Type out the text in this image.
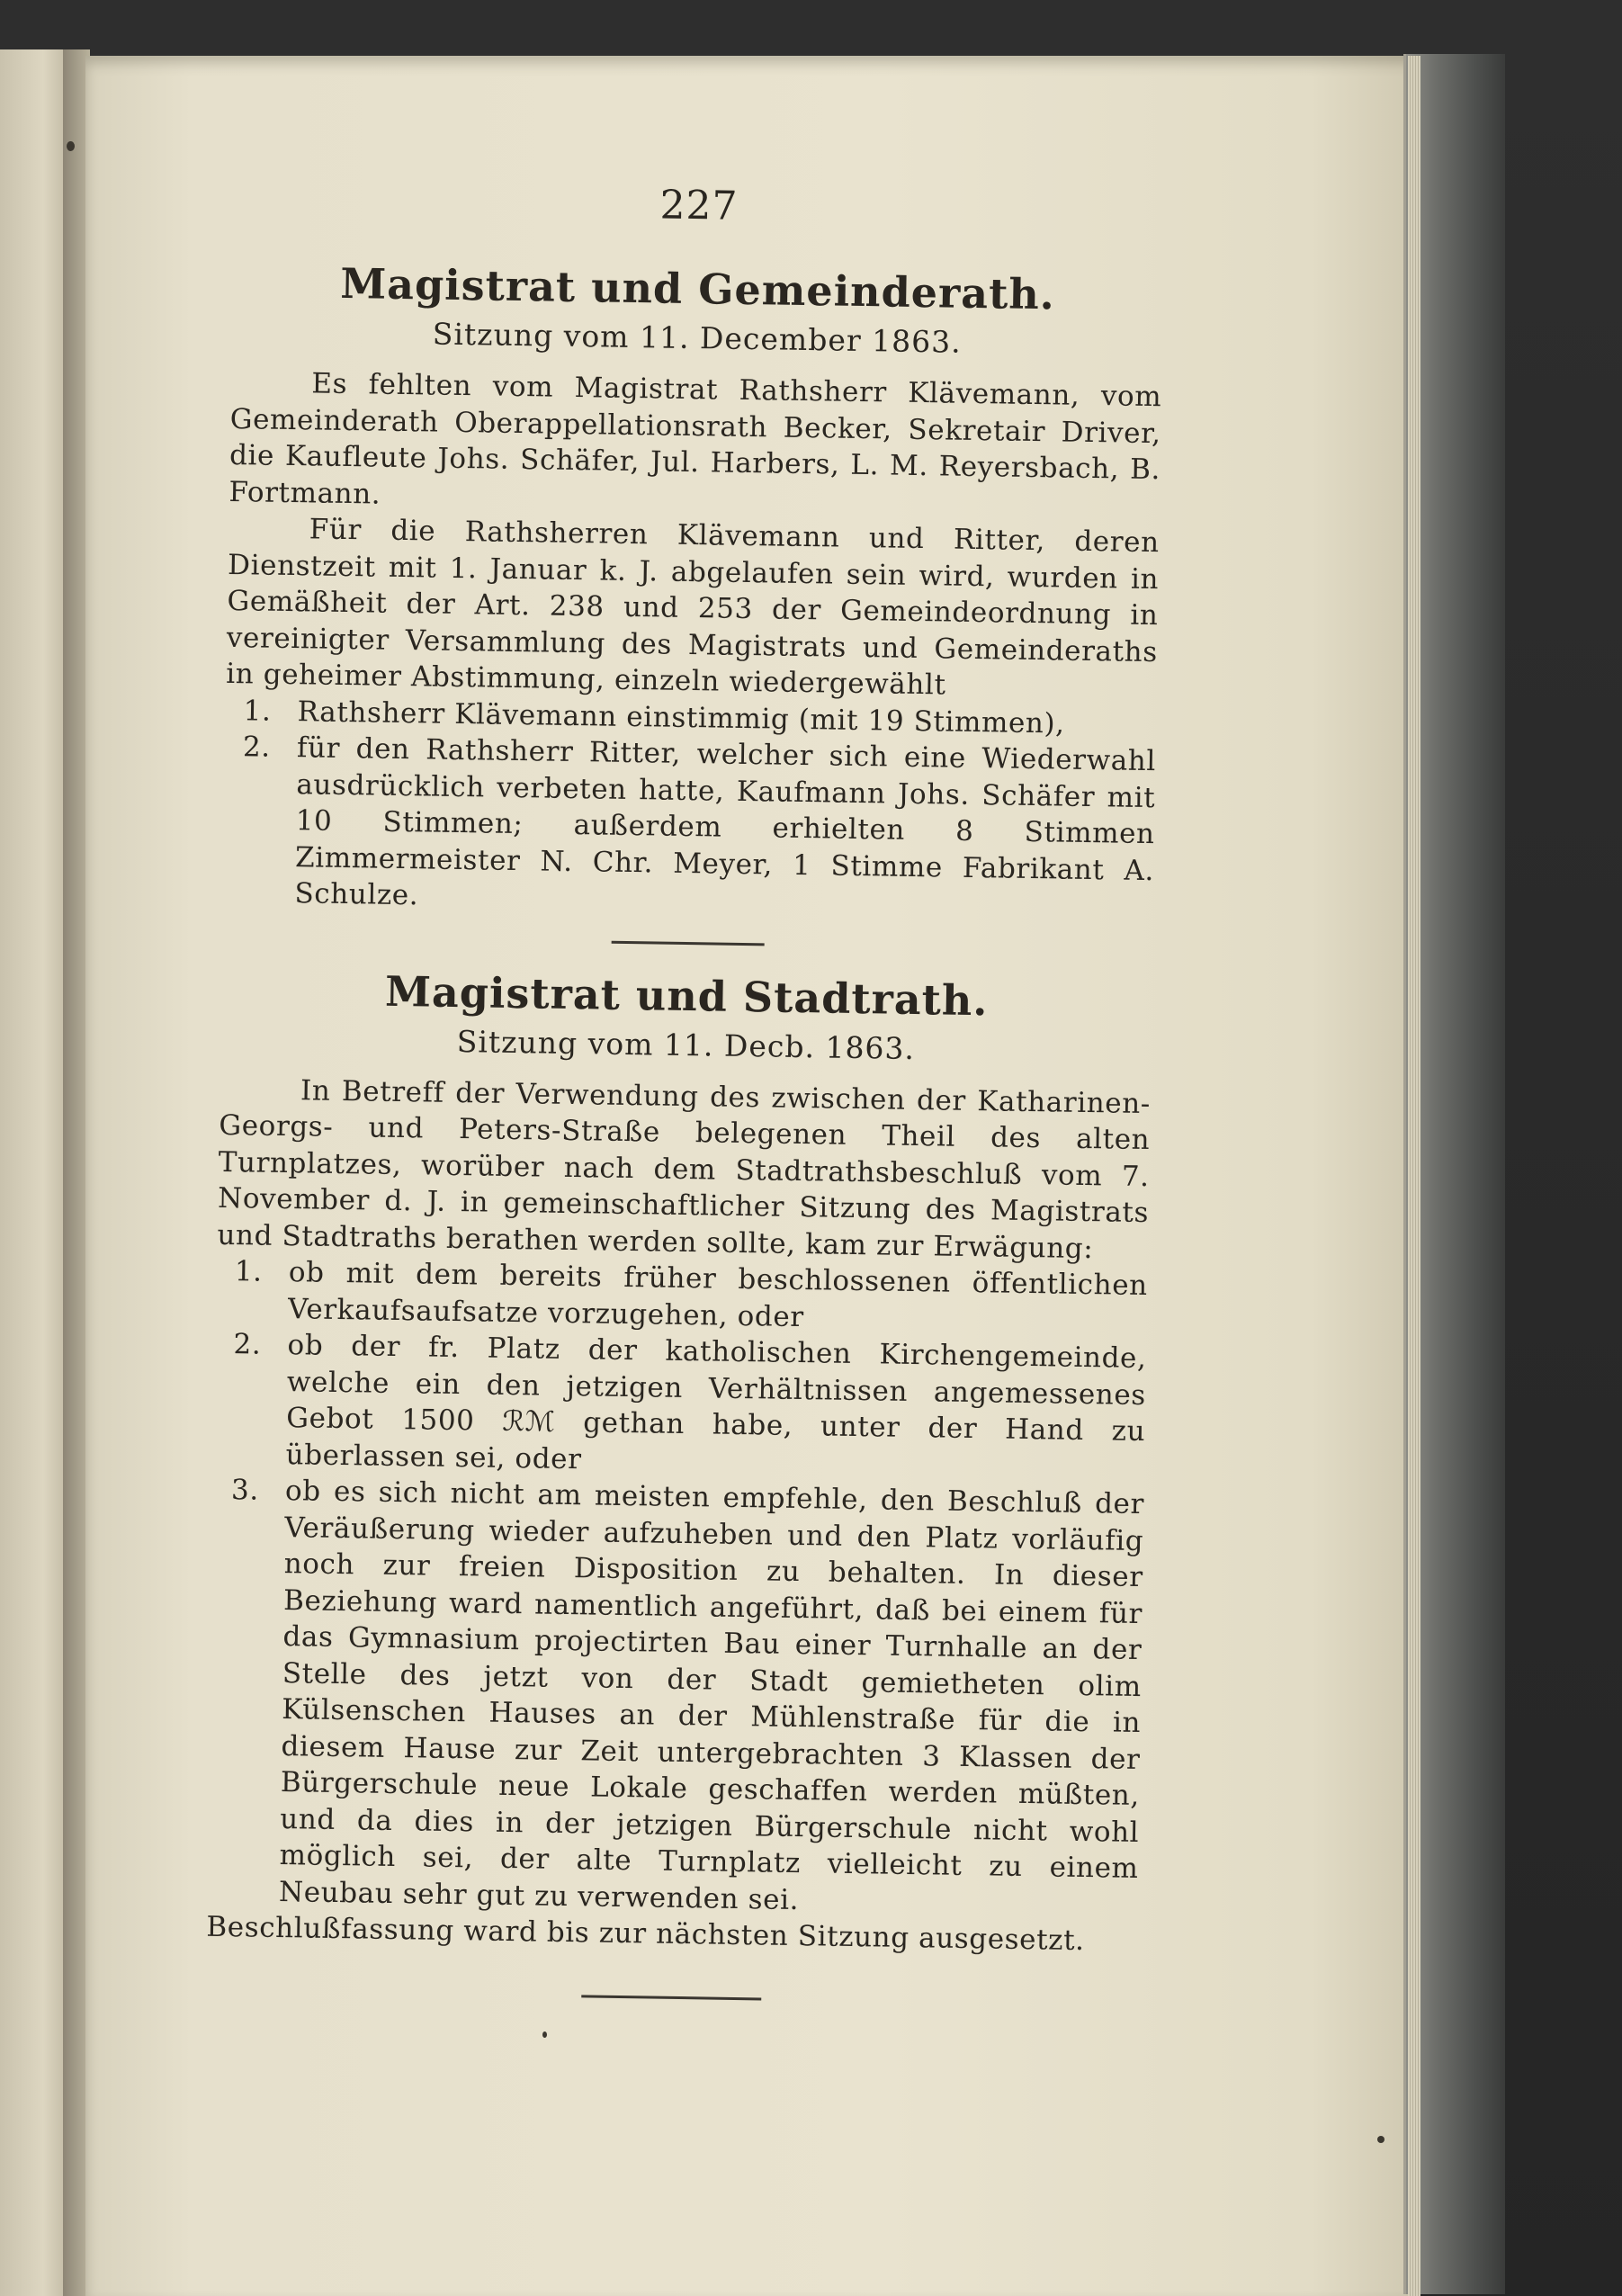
227
Magistrat und Gemeinderath.
Sitzung vom 11. December 1863.

Es fehlten vom Magistrat Rathsherr Klävemann, vom Gemeinderath Oberappellationsrath Becker, Sekretair Driver, die Kaufleute Johs. Schäfer, Jul. Harbers, L. M. Reyersbach, B. Fortmann.

Für die Rathsherren Klävemann und Ritter, deren Dienstzeit mit 1. Januar k. J. abgelaufen sein wird, wurden in Gemäßheit der Art. 238 und 253 der Gemeindeordnung in vereinigter Versammlung des Magistrats und Gemeinderaths in geheimer Abstimmung, einzeln wiedergewählt

1. Rathsherr Klävemann einstimmig (mit 19 Stimmen),
2. für den Rathsherr Ritter, welcher sich eine Wiederwahl ausdrücklich verbeten hatte, Kaufmann Johs. Schäfer mit 10 Stimmen; außerdem erhielten 8 Stimmen Zimmermeister N. Chr. Meyer, 1 Stimme Fabrikant A. Schulze.
Magistrat und Stadtrath.
Sitzung vom 11. Decb. 1863.

In Betreff der Verwendung des zwischen der Katharinen-Georgs- und Peters-Straße belegenen Theil des alten Turnplatzes, worüber nach dem Stadtrathsbeschluß vom 7. November d. J. in gemeinschaftlicher Sitzung des Magistrats und Stadtraths berathen werden sollte, kam zur Erwägung:

1. ob mit dem bereits früher beschlossenen öffentlichen Verkaufsaufsatze vorzugehen, oder
2. ob der fr. Platz der katholischen Kirchengemeinde, welche ein den jetzigen Verhältnissen angemessenes Gebot 1500 ℛ︎ℳ gethan habe, unter der Hand zu überlassen sei, oder
3. ob es sich nicht am meisten empfehle, den Beschluß der Veräußerung wieder aufzuheben und den Platz vorläufig noch zur freien Disposition zu behalten. In dieser Beziehung ward namentlich angeführt, daß bei einem für das Gymnasium projectirten Bau einer Turnhalle an der Stelle des jetzt von der Stadt gemietheten olim Külsenschen Hauses an der Mühlenstraße für die in diesem Hause zur Zeit untergebrachten 3 Klassen der Bürgerschule neue Lokale geschaffen werden müßten, und da dies in der jetzigen Bürgerschule nicht wohl möglich sei, der alte Turnplatz vielleicht zu einem Neubau sehr gut zu verwenden sei.

Beschlußfassung ward bis zur nächsten Sitzung ausgesetzt.
